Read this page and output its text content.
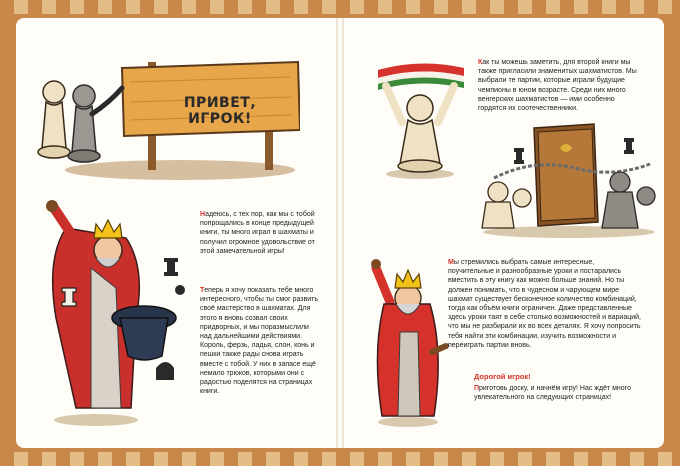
ПРИВЕТ, ИГРОК!

Надеюсь, с тех пор, как мы с тобой попрощались в конце предыдущей книги, ты много играл в шахматы и получил огромное удовольствие от этой замечательной игры!

Теперь я хочу показать тебе много интересного, чтобы ты смог развить своё мастерство в шахматах. Для этого я вновь созвал своих придворных, и мы поразмыслили над дальнейшими действиями. Король, ферзь, ладья, слон, конь и пешки также рады снова играть вместе с тобой. У них в запасе ещё немало трюков, которыми они с радостью поделятся на страницах книги.

Как ты можешь заметить, для второй книги мы также пригласили знаменитых шахматистов. Мы выбрали те партии, которые играли будущие чемпионы в юном возрасте. Среди них много венгерских шахматистов — ими особенно гордятся их соотечественники.

Мы стремились выбрать самые интересные, поучительные и разнообразные уроки и постарались вместить в эту книгу как можно больше знаний. Но ты должен понимать, что в чудесном и чарующем мире шахмат существует бесконечное количество комбинаций, тогда как объём книги ограничен. Даже представленные здесь уроки таят в себе столько возможностей и вариаций, что мы не разбирали их во всех деталях. Я хочу попросить тебя найти эти комбинации, изучить возможности и переиграть партии вновь.

Дорогой игрок!

Приготовь доску, и начнём игру! Нас ждёт много увлекательного на следующих страницах!
